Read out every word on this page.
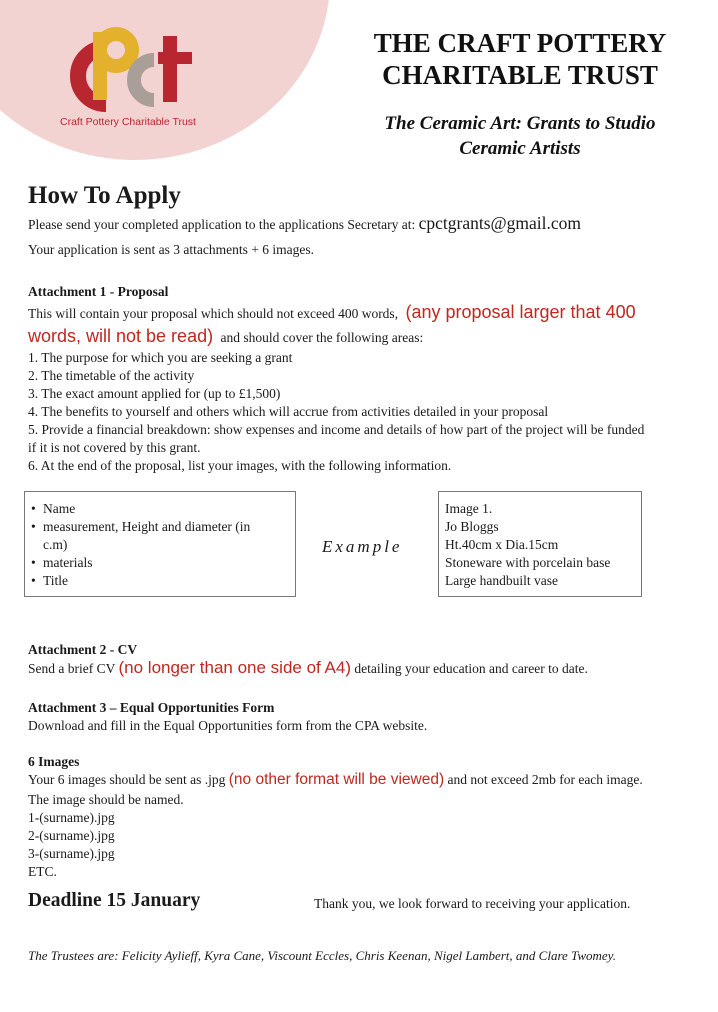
Craft Pottery Charitable Trust
THE CRAFT POTTERY
CHARITABLE TRUST
The Ceramic Art: Grants to Studio
Ceramic Artists
How To Apply
Please send your completed application to the applications Secretary at: cpctgrants@gmail.com
Your application is sent as 3 attachments + 6 images.
Attachment 1 - Proposal
This will contain your proposal which should not exceed 400 words, (any proposal larger that 400
words, will not be read) and should cover the following areas:
1. The purpose for which you are seeking a grant
2. The timetable of the activity
3. The exact amount applied for (up to £1,500)
4. The benefits to yourself and others which will accrue from activities detailed in your proposal
5. Provide a financial breakdown: show expenses and income and details of how part of the project will be funded
if it is not covered by this grant.
6. At the end of the proposal, list your images, with the following information.
• Name
• measurement, Height and diameter (in
c.m)
• materials
• Title
Example
Image 1.
Jo Bloggs
Ht.40cm x Dia.15cm
Stoneware with porcelain base
Large handbuilt vase
Attachment 2 - CV
Send a brief CV (no longer than one side of A4) detailing your education and career to date.
Attachment 3 – Equal Opportunities Form
Download and fill in the Equal Opportunities form from the CPA website.
6 Images
Your 6 images should be sent as .jpg (no other format will be viewed) and not exceed 2mb for each image.
The image should be named.
1-(surname).jpg
2-(surname).jpg
3-(surname).jpg
ETC.
Deadline 15 January	Thank you, we look forward to receiving your application.
The Trustees are: Felicity Aylieff, Kyra Cane, Viscount Eccles, Chris Keenan, Nigel Lambert, and Clare Twomey.
